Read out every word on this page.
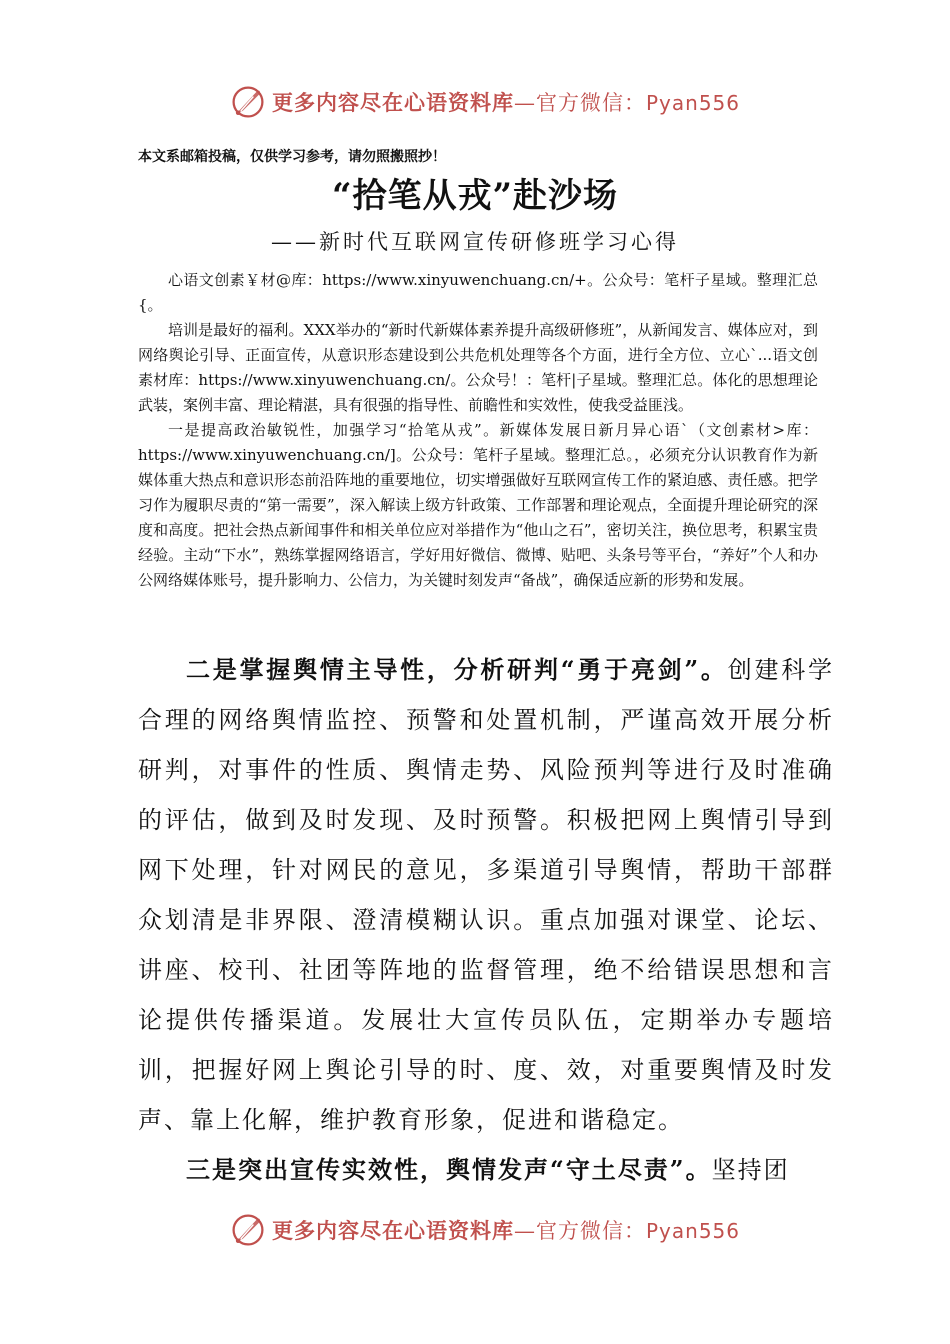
更多内容尽在心语资料库—官方微信：Pyan556
本文系邮箱投稿，仅供学习参考，请勿照搬照抄！
“拾笔从戎”赴沙场
——新时代互联网宣传研修班学习心得

心语文创素￥材@库：https://www.xinyuwenchuang.cn/+。公众号：笔杆子星域。整理汇总{。

培训是最好的福利。XXX举办的“新时代新媒体素养提升高级研修班”，从新闻发言、媒体应对，到网络舆论引导、正面宣传，从意识形态建设到公共危机处理等各个方面，进行全方位、立心`...语文创素材库：https://www.xinyuwenchuang.cn/。公众号！：笔杆|子星域。整理汇总。体化的思想理论武装，案例丰富、理论精湛，具有很强的指导性、前瞻性和实效性，使我受益匪浅。

一是提高政治敏锐性，加强学习“拾笔从戎”。新媒体发展日新月异心语`（文创素材>库：https://www.xinyuwenchuang.cn/]。公众号：笔杆子星域。整理汇总。，必须充分认识教育作为新媒体重大热点和意识形态前沿阵地的重要地位，切实增强做好互联网宣传工作的紧迫感、责任感。把学习作为履职尽责的“第一需要”，深入解读上级方针政策、工作部署和理论观点，全面提升理论研究的深度和高度。把社会热点新闻事件和相关单位应对举措作为“他山之石”，密切关注，换位思考，积累宝贵经验。主动“下水”，熟练掌握网络语言，学好用好微信、微博、贴吧、头条号等平台，“养好”个人和办公网络媒体账号，提升影响力、公信力，为关键时刻发声“备战”，确保适应新的形势和发展。

二是掌握舆情主导性，分析研判“勇于亮剑”。创建科学合理的网络舆情监控、预警和处置机制，严谨高效开展分析研判，对事件的性质、舆情走势、风险预判等进行及时准确的评估，做到及时发现、及时预警。积极把网上舆情引导到网下处理，针对网民的意见，多渠道引导舆情，帮助干部群众划清是非界限、澄清模糊认识。重点加强对课堂、论坛、讲座、校刊、社团等阵地的监督管理，绝不给错误思想和言论提供传播渠道。发展壮大宣传员队伍，定期举办专题培训，把握好网上舆论引导的时、度、效，对重要舆情及时发声、靠上化解，维护教育形象，促进和谐稳定。

三是突出宣传实效性，舆情发声“守土尽责”。坚持团

更多内容尽在心语资料库—官方微信：Pyan556
